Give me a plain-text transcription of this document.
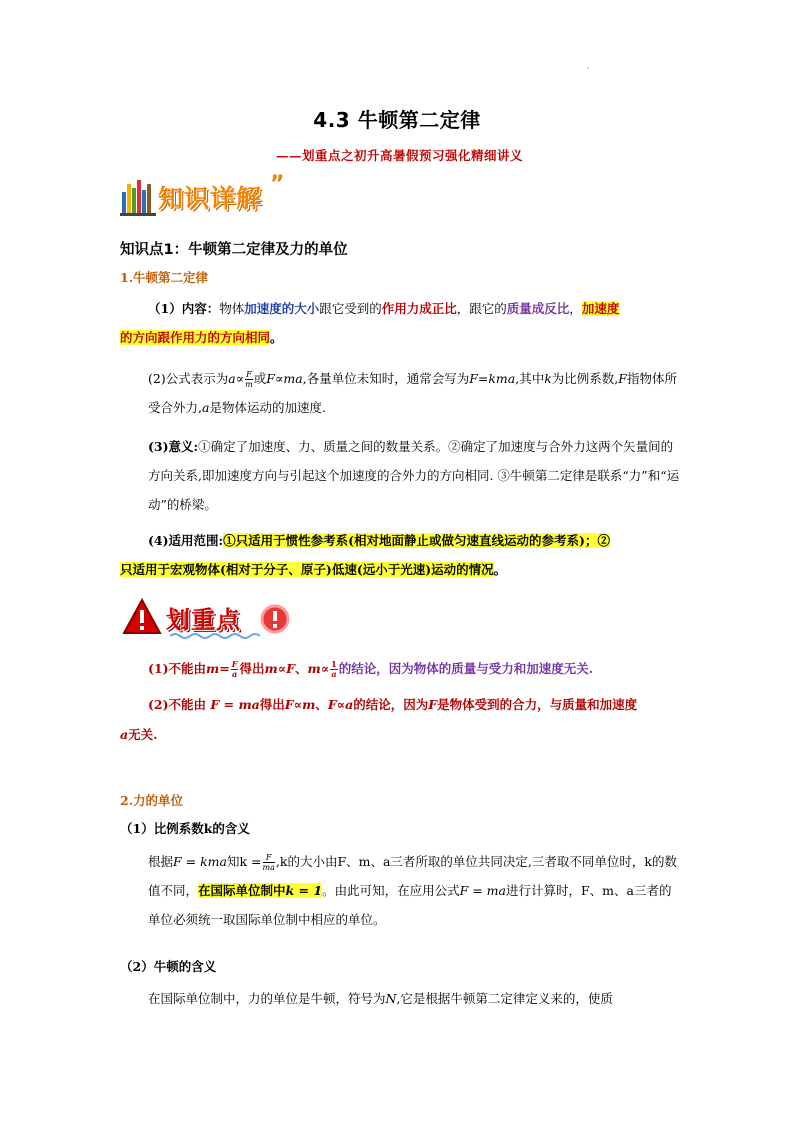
·
4.3 牛顿第二定律
——划重点之初升高暑假预习强化精细讲义
知识详解 ”
知识点1：牛顿第二定律及力的单位
1.牛顿第二定律
（1）内容：物体加速度的大小跟它受到的作用力成正比，跟它的质量成反比，加速度
的方向跟作用力的方向相同。
(2)公式表示为$a\propto \frac{F}{m}$ 或F∝ma,各量单位未知时，通常会写为F=kma,其中k为比例系数,F指物体所受合外力,a是物体运动的加速度.
(3)意义:①确定了加速度、力、质量之间的数量关系。②确定了加速度与合外力这两个矢量间的方向关系,即加速度方向与引起这个加速度的合外力的方向相同. ③牛顿第二定律是联系“力”和“运动”的桥梁。
(4)适用范围:①只适用于惯性参考系(相对地面静止或做匀速直线运动的参考系)；②
只适用于宏观物体(相对于分子、原子)低速(远小于光速)运动的情况。
划重点
(1)不能由$m= \frac{F}{a}$ 得出m∝F、$m\propto \frac{1}{a}$ 的结论，因为物体的质量与受力和加速度无关.
(2)不能由 F = ma得出F∝m、F∝a的结论，因为F是物体受到的合力，与质量和加速度
a无关.
2.力的单位
（1）比例系数k的含义
根据F = kma知$k = \frac{F}{ma} ,k$的大小由F、m、a三者所取的单位共同决定,三者取不同单位时，k的数值不同，在国际单位制中k = 1。由此可知，在应用公式F = ma进行计算时，F、m、a三者的单位必须统一取国际单位制中相应的单位。
（2）牛顿的含义
在国际单位制中，力的单位是牛顿，符号为N,它是根据牛顿第二定律定义来的，使质
